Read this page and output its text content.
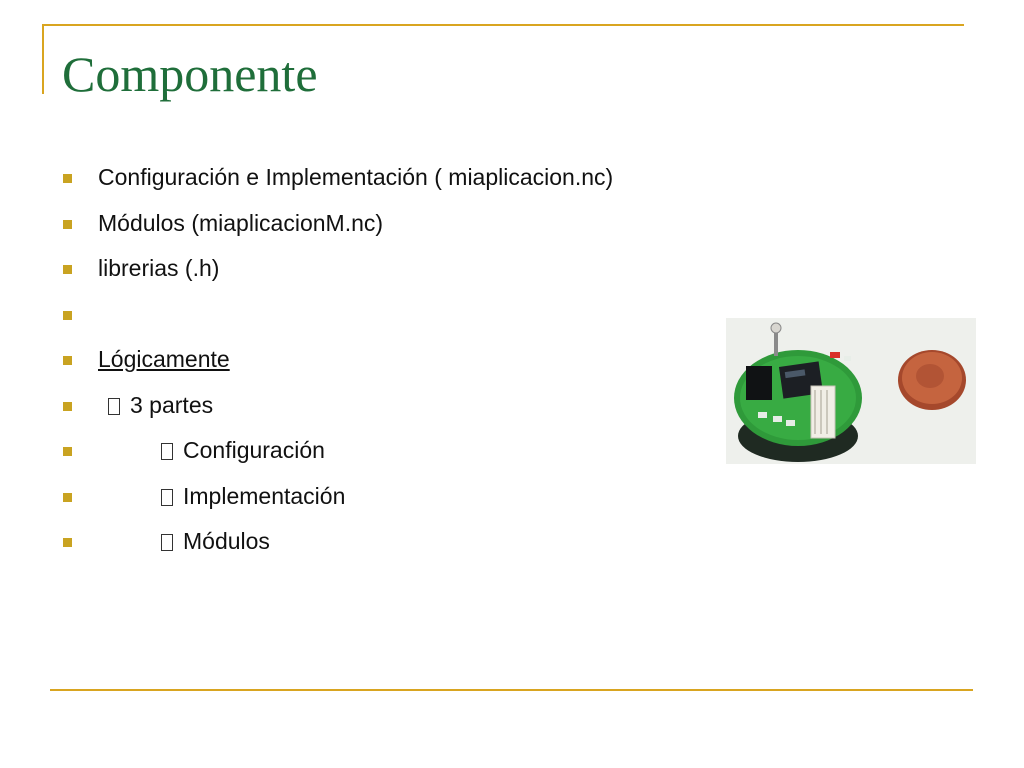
Componente
Configuración e Implementación ( miaplicacion.nc)
Módulos (miaplicacionM.nc)
librerias (.h)
Lógicamente
3 partes
Configuración
Implementación
Módulos
